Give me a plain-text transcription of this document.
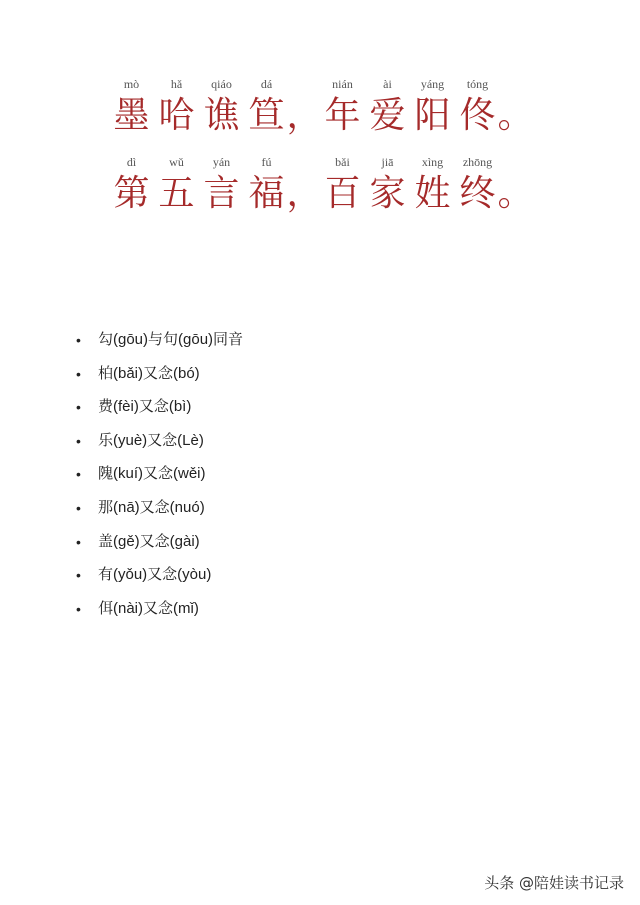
mò
墨
hǎ
哈
qiáo
谯
dá
笪 ，
nián
年
ài
爱
yáng
阳
tóng
佟 。
dì
第
wǔ
五
yán
言
fú
福 ，
bǎi
百
jiā
家
xìng
姓
zhōng
终 。
•	勾(gōu)与句(gōu)同音
•	柏(bǎi)又念(bó)
•	费(fèi)又念(bì)
•	乐(yuè)又念(Lè)
•	隗(kuí)又念(wěi)
•	那(nā)又念(nuó)
•	盖(gě)又念(gài)
•	有(yǒu)又念(yòu)
•	佴(nài)又念(mǐ)
头条 @陪娃读书记录
